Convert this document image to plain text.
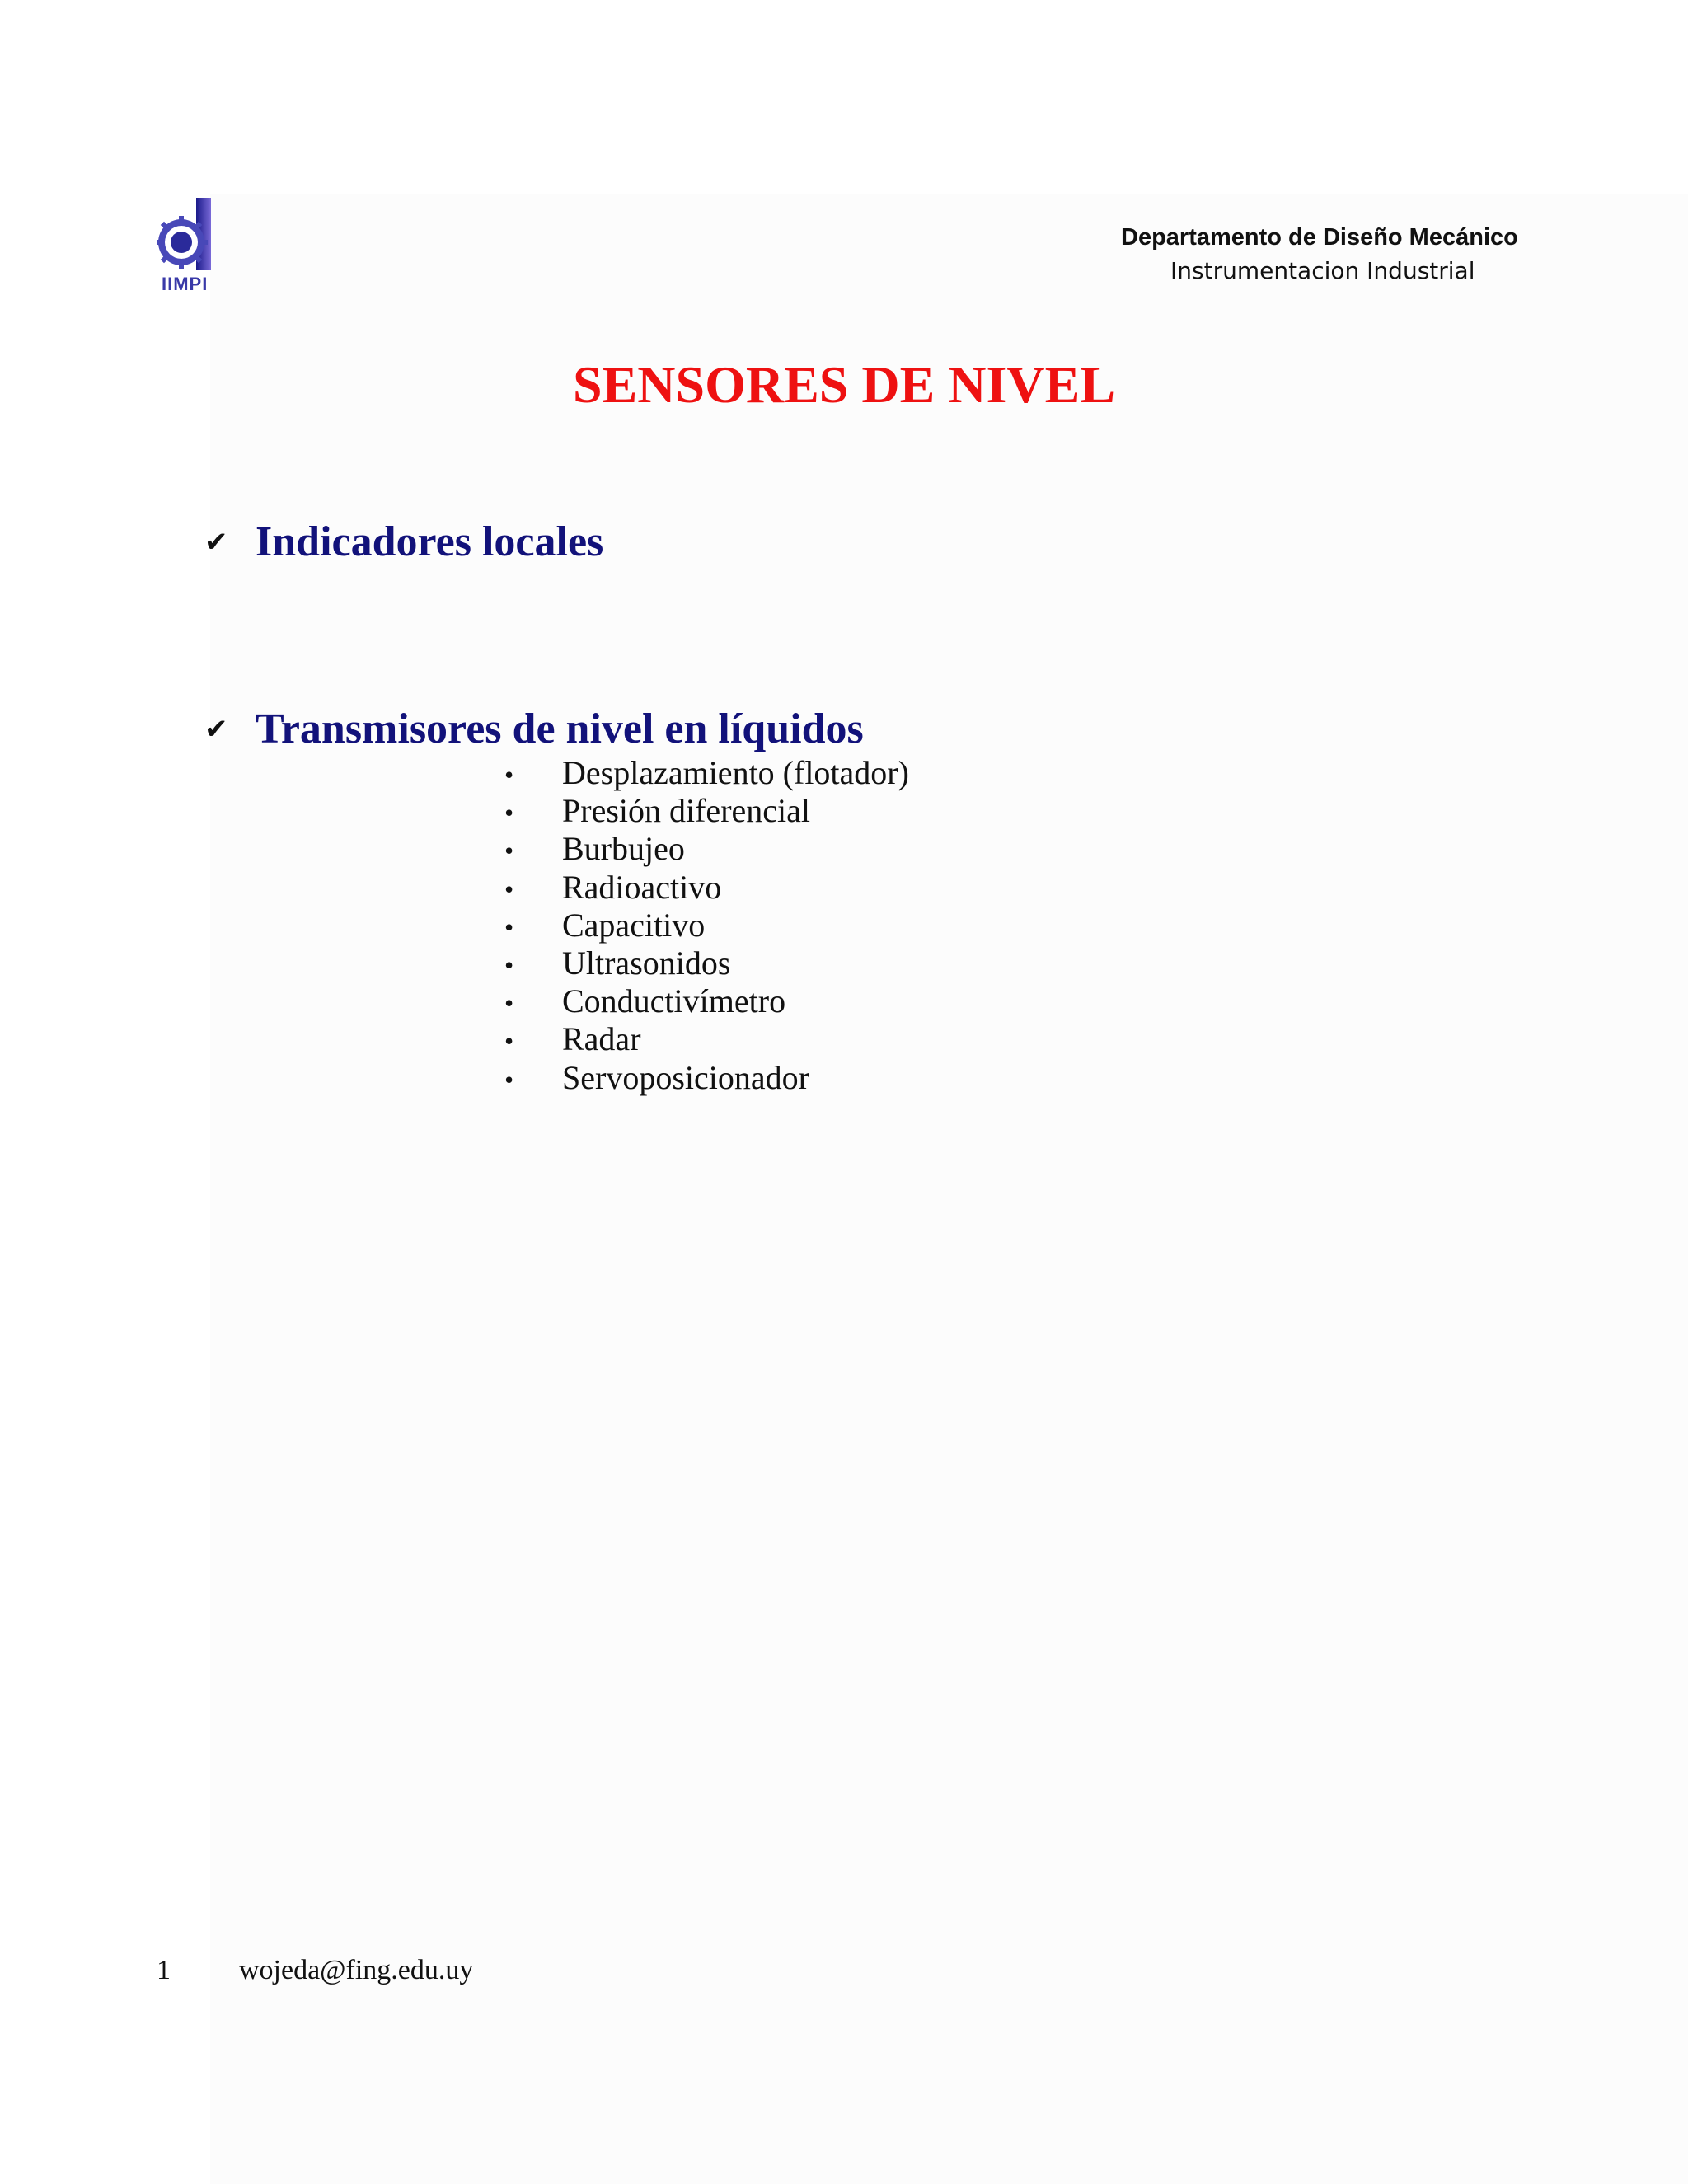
IIMPI
Departamento de Diseño Mecánico
Instrumentacion Industrial
SENSORES DE NIVEL
✔ Indicadores locales
✔ Transmisores de nivel en líquidos
•	Desplazamiento (flotador)
•	Presión diferencial
•	Burbujeo
•	Radioactivo
•	Capacitivo
•	Ultrasonidos
•	Conductivímetro
•	Radar
•	Servoposicionador
1	wojeda@fing.edu.uy
